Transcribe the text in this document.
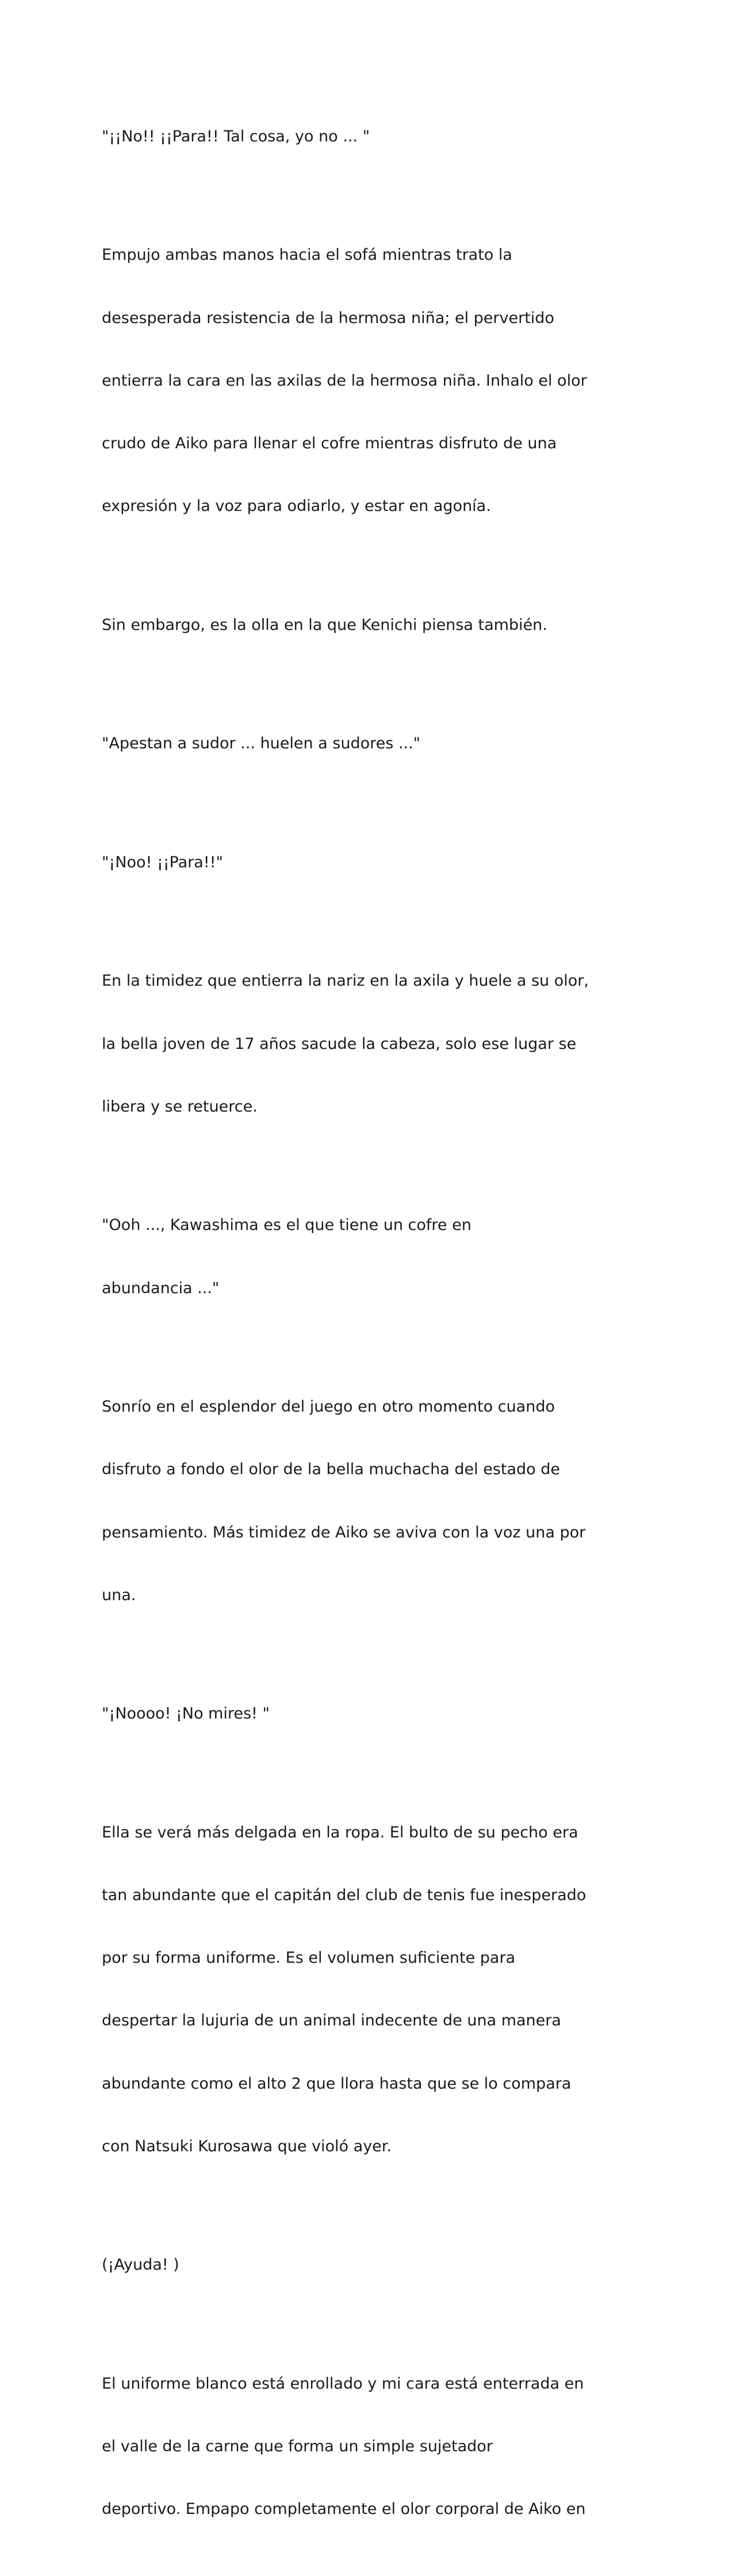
"¡¡No!! ¡¡Para!! Tal cosa, yo no ... "

Empujo ambas manos hacia el sofá mientras trato la

desesperada resistencia de la hermosa niña; el pervertido

entierra la cara en las axilas de la hermosa niña. Inhalo el olor

crudo de Aiko para llenar el cofre mientras disfruto de una

expresión y la voz para odiarlo, y estar en agonía.

Sin embargo, es la olla en la que Kenichi piensa también.

"Apestan a sudor ... huelen a sudores ..."

"¡Noo! ¡¡Para!!"

En la timidez que entierra la nariz en la axila y huele a su olor,

la bella joven de 17 años sacude la cabeza, solo ese lugar se

libera y se retuerce.

"Ooh ..., Kawashima es el que tiene un cofre en

abundancia ..."

Sonrío en el esplendor del juego en otro momento cuando

disfruto a fondo el olor de la bella muchacha del estado de

pensamiento. Más timidez de Aiko se aviva con la voz una por

una.

"¡Noooo! ¡No mires! "

Ella se verá más delgada en la ropa. El bulto de su pecho era

tan abundante que el capitán del club de tenis fue inesperado

por su forma uniforme. Es el volumen suficiente para

despertar la lujuria de un animal indecente de una manera

abundante como el alto 2 que llora hasta que se lo compara

con Natsuki Kurosawa que violó ayer.

(¡Ayuda! )

El uniforme blanco está enrollado y mi cara está enterrada en

el valle de la carne que forma un simple sujetador

deportivo. Empapo completamente el olor corporal de Aiko en
